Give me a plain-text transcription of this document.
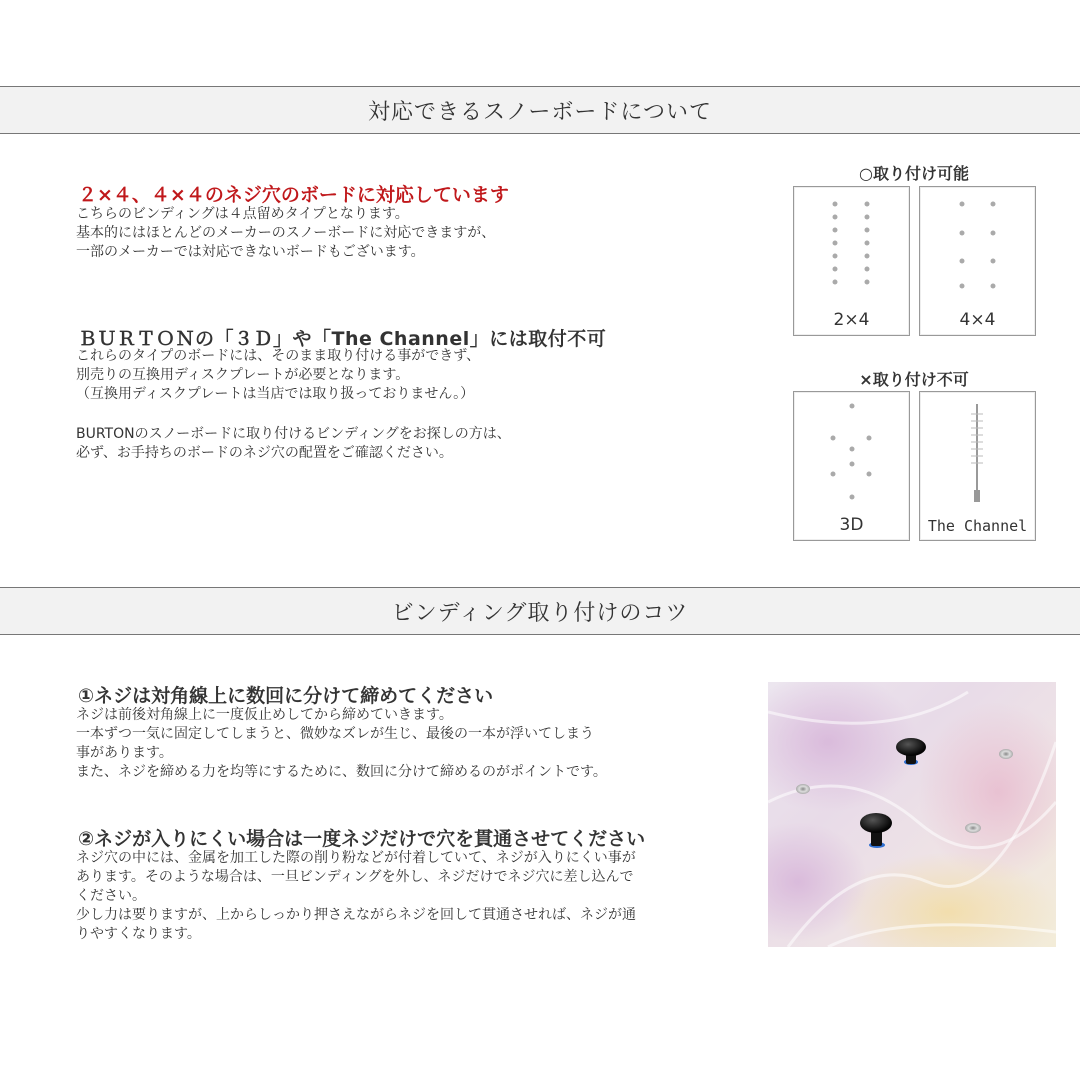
対応できるスノーボードについて
２×４、４×４のネジ穴のボードに対応しています
こちらのビンディングは４点留めタイプとなります。
基本的にはほとんどのメーカーのスノーボードに対応できますが、
一部のメーカーでは対応できないボードもございます。
ＢＵＲＴＯＮの「３Ｄ」や「The Channel」には取付不可
これらのタイプのボードには、そのまま取り付ける事ができず、
別売りの互換用ディスクプレートが必要となります。
（互換用ディスクプレートは当店では取り扱っておりません。）
BURTONのスノーボードに取り付けるビンディングをお探しの方は、
必ず、お手持ちのボードのネジ穴の配置をご確認ください。
○取り付け可能
2×4	4×4
×取り付け不可
3D	The Channel
ビンディング取り付けのコツ
①ネジは対角線上に数回に分けて締めてください
ネジは前後対角線上に一度仮止めしてから締めていきます。
一本ずつ一気に固定してしまうと、微妙なズレが生じ、最後の一本が浮いてしまう
事があります。
また、ネジを締める力を均等にするために、数回に分けて締めるのがポイントです。
②ネジが入りにくい場合は一度ネジだけで穴を貫通させてください
ネジ穴の中には、金属を加工した際の削り粉などが付着していて、ネジが入りにくい事が
あります。そのような場合は、一旦ビンディングを外し、ネジだけでネジ穴に差し込んで
ください。
少し力は要りますが、上からしっかり押さえながらネジを回して貫通させれば、ネジが通
りやすくなります。
